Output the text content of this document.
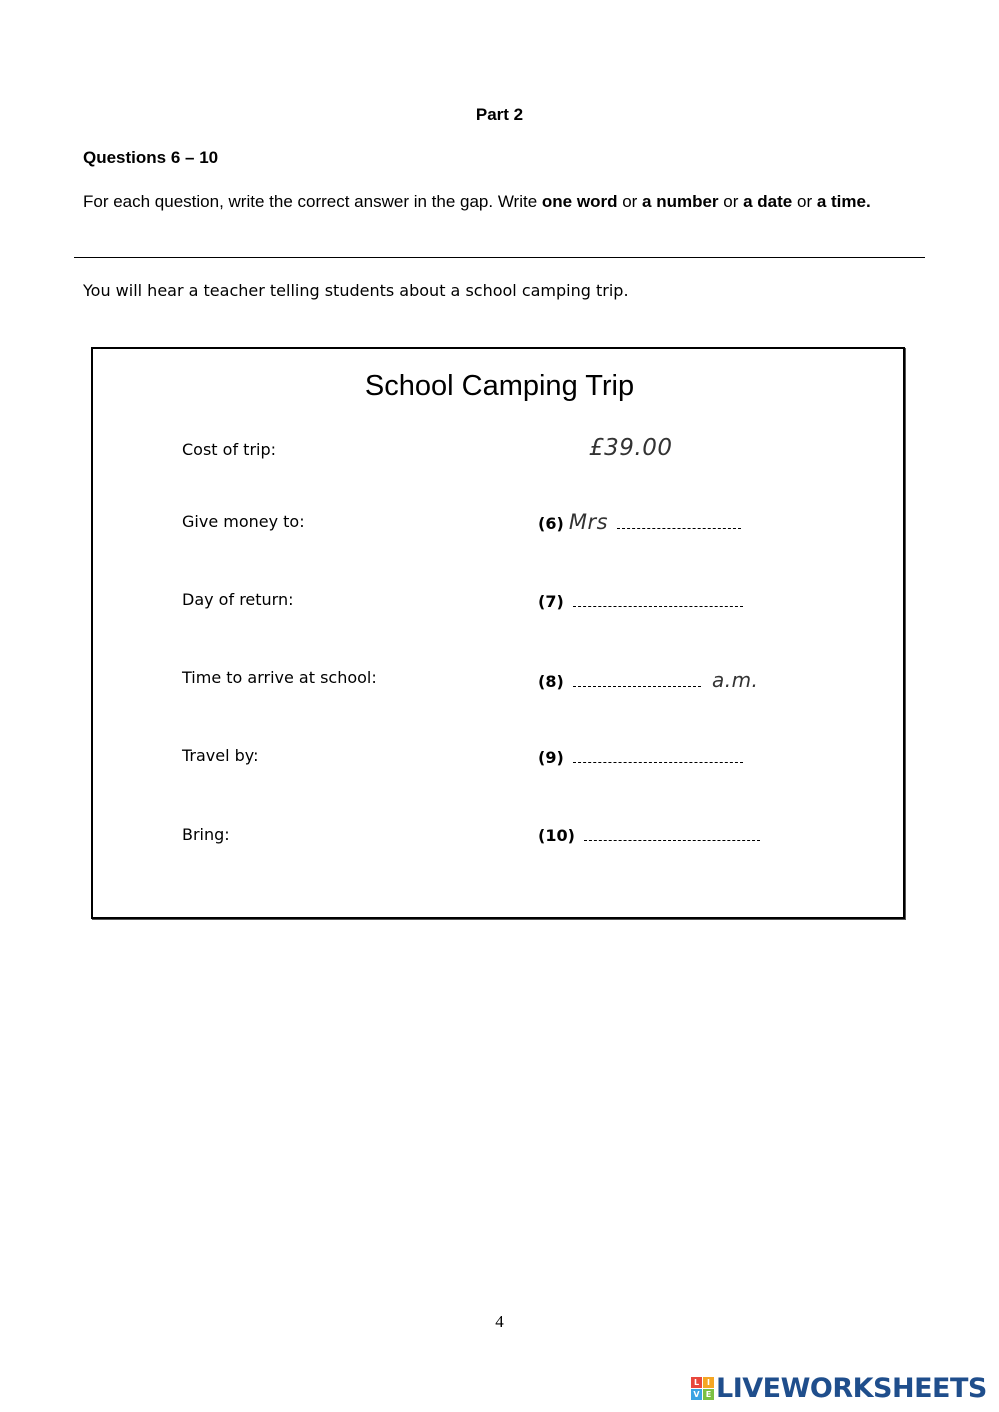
Part 2
Questions 6 – 10
For each question, write the correct answer in the gap. Write one word or a number or a date or a time.
You will hear a teacher telling students about a school camping trip.
School Camping Trip
Cost of trip:	£39.00
Give money to:	(6) Mrs
Day of return:	(7)
Time to arrive at school:	(8)	a.m.
Travel by:	(9)
Bring:	(10)
4
L I
V E LIVEWORKSHEETS
